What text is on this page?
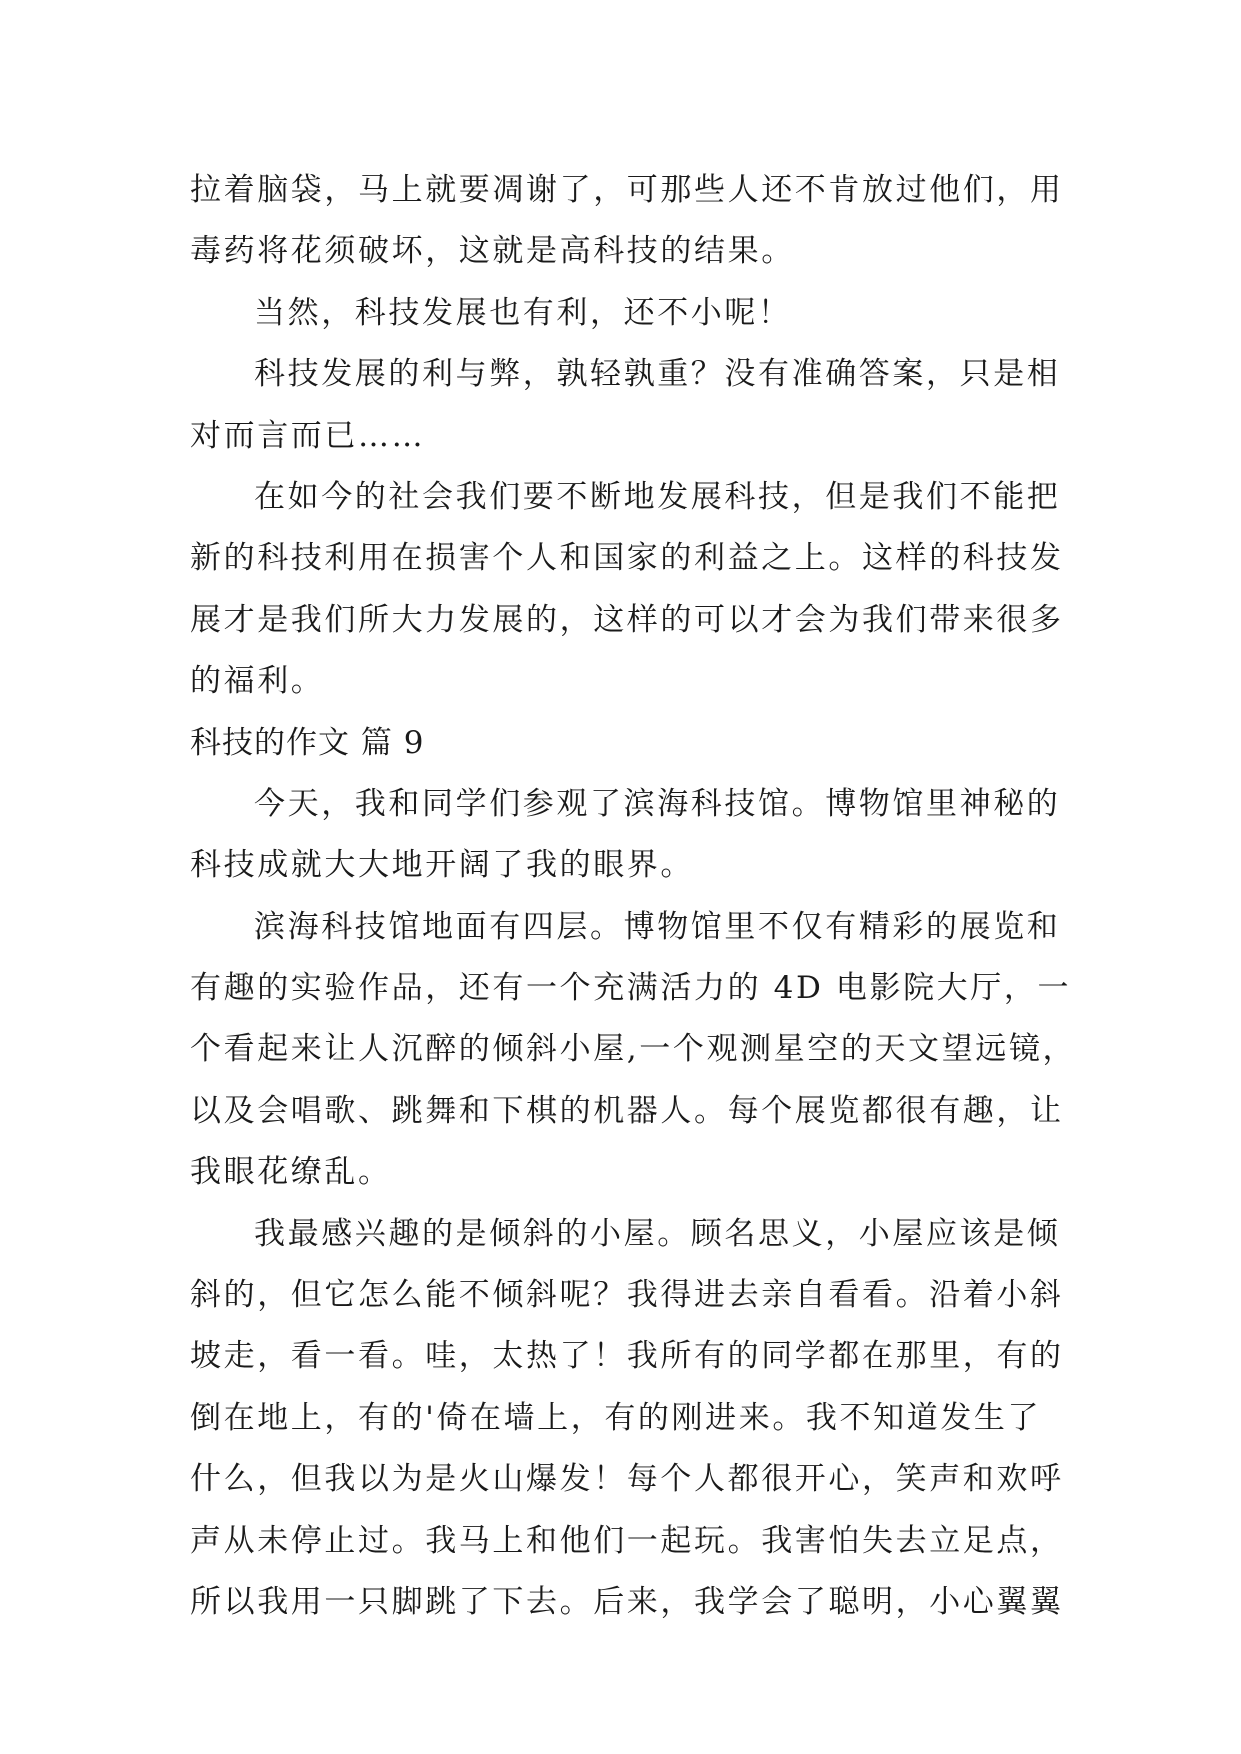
拉着脑袋，马上就要凋谢了，可那些人还不肯放过他们，用
毒药将花须破坏，这就是高科技的结果。
当然，科技发展也有利，还不小呢！
科技发展的利与弊，孰轻孰重？没有准确答案，只是相
对而言而已……
在如今的社会我们要不断地发展科技，但是我们不能把
新的科技利用在损害个人和国家的利益之上。这样的科技发
展才是我们所大力发展的，这样的可以才会为我们带来很多
的福利。
科技的作文 篇 9
今天，我和同学们参观了滨海科技馆。博物馆里神秘的
科技成就大大地开阔了我的眼界。
滨海科技馆地面有四层。博物馆里不仅有精彩的展览和
有趣的实验作品，还有一个充满活力的 4D 电影院大厅，一
个看起来让人沉醉的倾斜小屋,一个观测星空的天文望远镜，
以及会唱歌、跳舞和下棋的机器人。每个展览都很有趣，让
我眼花缭乱。
我最感兴趣的是倾斜的小屋。顾名思义，小屋应该是倾
斜的，但它怎么能不倾斜呢？我得进去亲自看看。沿着小斜
坡走，看一看。哇，太热了！我所有的同学都在那里，有的
倒在地上，有的'倚在墙上，有的刚进来。我不知道发生了
什么，但我以为是火山爆发！每个人都很开心，笑声和欢呼
声从未停止过。我马上和他们一起玩。我害怕失去立足点，
所以我用一只脚跳了下去。后来，我学会了聪明，小心翼翼
